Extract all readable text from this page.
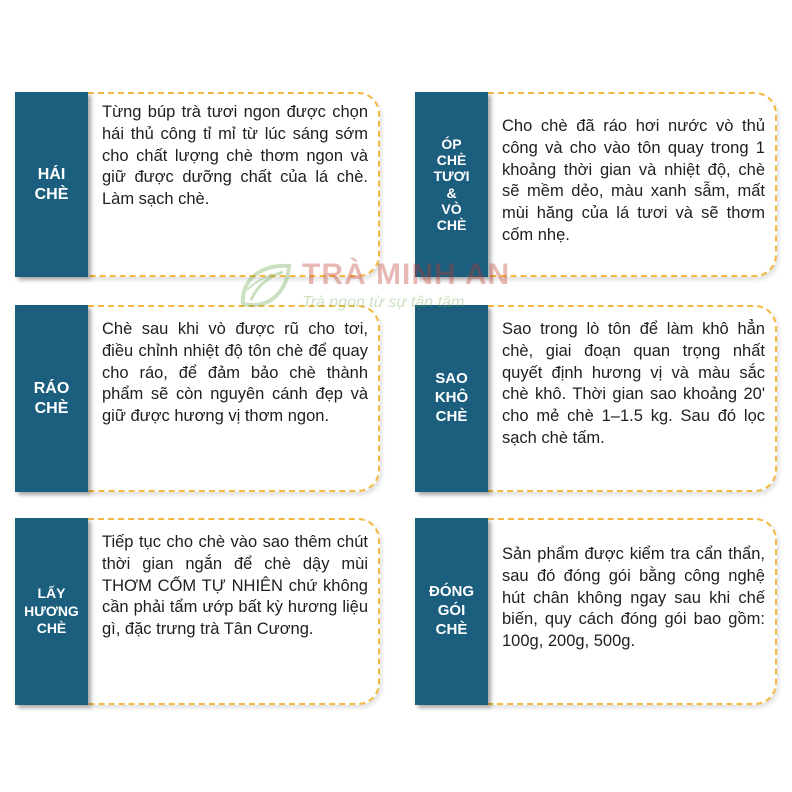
HÁI
CHÈ

Từng búp trà tươi ngon được chọn hái thủ công tỉ mỉ từ lúc sáng sớm cho chất lượng chè thơm ngon và giữ được dưỡng chất của lá chè. Làm sạch chè.

ÓP
CHÈ
TƯƠI
&
VÒ
CHÈ

Cho chè đã ráo hơi nước vò thủ công và cho vào tôn quay trong 1 khoảng thời gian và nhiệt độ, chè sẽ mềm dẻo, màu xanh sẫm, mất mùi hăng của lá tươi và sẽ thơm cốm nhẹ.

RÁO
CHÈ

Chè sau khi vò được rũ cho tơi, điều chỉnh nhiệt độ tôn chè để quay cho ráo, để đảm bảo chè thành phẩm sẽ còn nguyên cánh đẹp và giữ được hương vị thơm ngon.

SAO
KHÔ
CHÈ

Sao trong lò tôn để làm khô hẳn chè, giai đoạn quan trọng nhất quyết định hương vị và màu sắc chè khô. Thời gian sao khoảng 20' cho mẻ chè 1–1.5 kg. Sau đó lọc sạch chè tấm.

LẤY
HƯƠNG
CHÈ

Tiếp tục cho chè vào sao thêm chút thời gian ngắn để chè dậy mùi THƠM CỐM TỰ NHIÊN chứ không cần phải tẩm ướp bất kỳ hương liệu gì, đặc trưng trà Tân Cương.

ĐÓNG
GÓI
CHÈ

Sản phẩm được kiểm tra cẩn thẩn, sau đó đóng gói bằng công nghệ hút chân không ngay sau khi chế biến, quy cách đóng gói bao gồm: 100g, 200g, 500g.

TRÀ MINH AN
Trà ngon từ sự tận tâm
